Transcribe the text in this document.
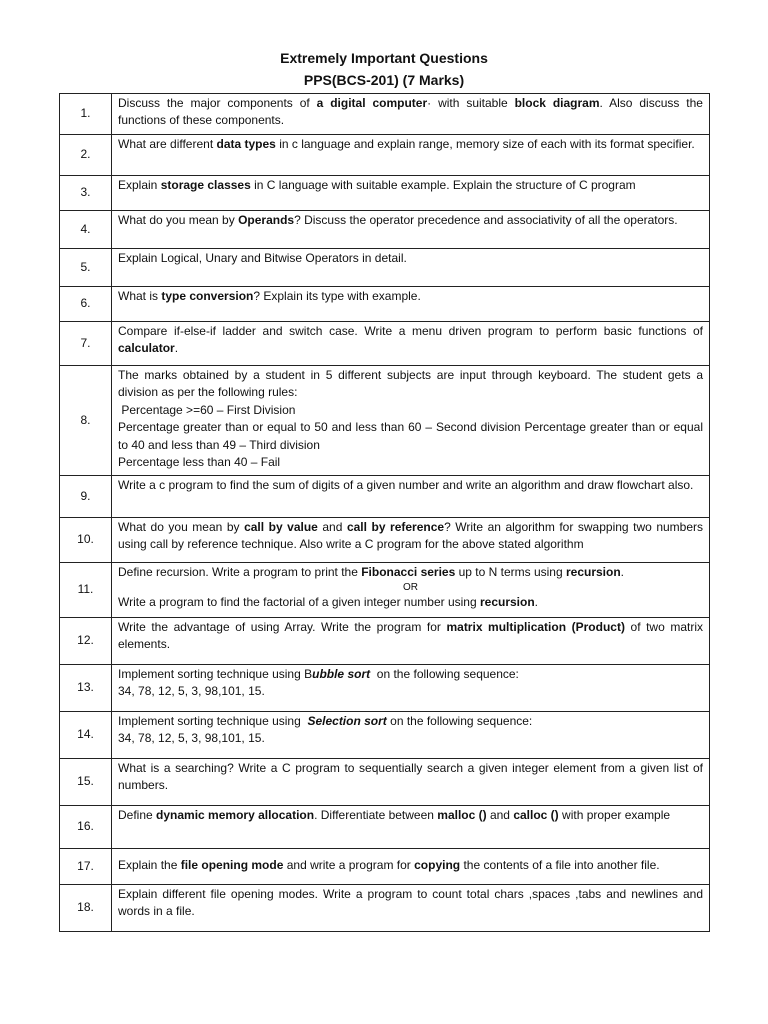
Extremely Important Questions
PPS(BCS-201) (7 Marks)
1.	Discuss the major components of a digital computer· with suitable block diagram. Also discuss the functions of these components.
2.	What are different data types in c language and explain range, memory size of each with its format specifier.
3.	Explain storage classes in C language with suitable example. Explain the structure of C program
4.	What do you mean by Operands? Discuss the operator precedence and associativity of all the operators.
5.	Explain Logical, Unary and Bitwise Operators in detail.
6.	What is type conversion? Explain its type with example.
7.	Compare if-else-if ladder and switch case. Write a menu driven program to perform basic functions of calculator.
8.	The marks obtained by a student in 5 different subjects are input through keyboard. The student gets a division as per the following rules:
Percentage >=60 – First Division
Percentage greater than or equal to 50 and less than 60 – Second division Percentage greater than or equal to 40 and less than 49 – Third division
Percentage less than 40 – Fail

9.	Write a c program to find the sum of digits of a given number and write an algorithm and draw flowchart also.
10.	What do you mean by call by value and call by reference? Write an algorithm for swapping two numbers using call by reference technique. Also write a C program for the above stated algorithm
11.	Define recursion. Write a program to print the Fibonacci series up to N terms using recursion.
OR
Write a program to find the factorial of a given integer number using recursion.

12.	Write the advantage of using Array. Write the program for matrix multiplication (Product) of two matrix elements.
13.	Implement sorting technique using Bubble sort  on the following sequence:
34, 78, 12, 5, 3, 98,101, 15.

14.	Implement sorting technique using  Selection sort on the following sequence:
34, 78, 12, 5, 3, 98,101, 15.

15.	What is a searching? Write a C program to sequentially search a given integer element from a given list of numbers.
16.	Define dynamic memory allocation. Differentiate between malloc () and calloc () with proper example
17.	Explain the file opening mode and write a program for copying the contents of a file into another file.
18.	Explain different file opening modes. Write a program to count total chars ,spaces ,tabs and newlines and words in a file.
